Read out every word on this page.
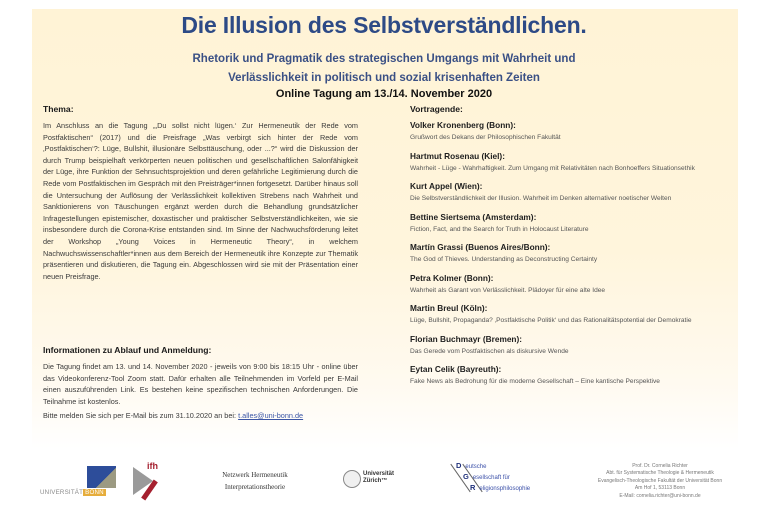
Die Illusion des Selbstverständlichen.
Rhetorik und Pragmatik des strategischen Umgangs mit Wahrheit und
Verlässlichkeit in politisch und sozial krisenhaften Zeiten
Online Tagung am 13./14. November 2020
Thema:

Im Anschluss an die Tagung „‚Du sollst nicht lügen.‘ Zur Hermeneutik der Rede vom Postfaktischen“ (2017) und die Preisfrage „Was verbirgt sich hinter der Rede vom ‚Postfaktischen‘?: Lüge, Bullshit, illusionäre Selbsttäuschung, oder ...?“ wird die Diskussion der durch Trump beispielhaft verkörperten neuen politischen und gesellschaftlichen Salonfähigkeit der Lüge, ihre Funktion der Sehnsuchtsprojektion und deren gefährliche Legitimierung durch die Rede vom Postfaktischen im Gespräch mit den Preisträger*innen fortgesetzt. Darüber hinaus soll die Untersuchung der Auflösung der Verlässlichkeit kollektiven Strebens nach Wahrheit und Sanktionierens von Täuschungen ergänzt werden durch die Behandlung grundsätzlicher Infragestellungen epistemischer, doxastischer und praktischer Selbstverständlichkeiten, wie sie insbesondere durch die Corona-Krise entstanden sind. Im Sinne der Nachwuchsförderung leitet der Workshop „Young Voices in Hermeneutic Theory“, in welchem Nachwuchswissenschaftler*innen aus dem Bereich der Hermeneutik ihre Konzepte zur Thematik präsentieren und diskutieren, die Tagung ein. Abgeschlossen wird sie mit der Präsentation einer neuen Preisfrage.

Informationen zu Ablauf und Anmeldung:

Die Tagung findet am 13. und 14. November 2020 - jeweils von 9:00 bis 18:15 Uhr - online über das Videokonferenz-Tool Zoom statt. Dafür erhalten alle Teilnehmenden im Vorfeld per E-Mail einen auszuführenden Link. Es bestehen keine spezifischen technischen Anforderungen. Die Teilnahme ist kostenlos.

Bitte melden Sie sich per E-Mail bis zum 31.10.2020 an bei: t.alles@uni-bonn.de

Vortragende:
Volker Kronenberg (Bonn):
Grußwort des Dekans der Philosophischen Fakultät
Hartmut Rosenau (Kiel):
Wahrheit - Lüge - Wahrhaftigkeit. Zum Umgang mit Relativitäten nach Bonhoeffers Situationsethik
Kurt Appel (Wien):
Die Selbstverständlichkeit der Illusion. Wahrheit im Denken alternativer noetischer Welten
Bettine Siertsema (Amsterdam):
Fiction, Fact, and the Search for Truth in Holocaust Literature
Martín Grassi (Buenos Aires/Bonn):
The God of Thieves. Understanding as Deconstructing Certainty
Petra Kolmer (Bonn):
Wahrheit als Garant von Verlässlichkeit. Plädoyer für eine alte Idee
Martin Breul (Köln):
Lüge, Bullshit, Propaganda? ‚Postfaktische Politik‘ und das Rationalitätspotential der Demokratie
Florian Buchmayr (Bremen):
Das Gerede vom Postfaktischen als diskursive Wende
Eytan Celik (Bayreuth):
Fake News als Bedrohung für die moderne Gesellschaft – Eine kantische Perspektive
UNIVERSITÄT BONN
ifh
Netzwerk Hermeneutik
Interpretationstheorie
Universität
Zürich™
D eutsche
G esellschaft für
R eligionsphilosophie
Prof. Dr. Cornelia Richter
Abt. für Systematische Theologie & Hermeneutik
Evangelisch-Theologische Fakultät der Universität Bonn
Am Hof 1, 53113 Bonn
E-Mail: cornelia.richter@uni-bonn.de
